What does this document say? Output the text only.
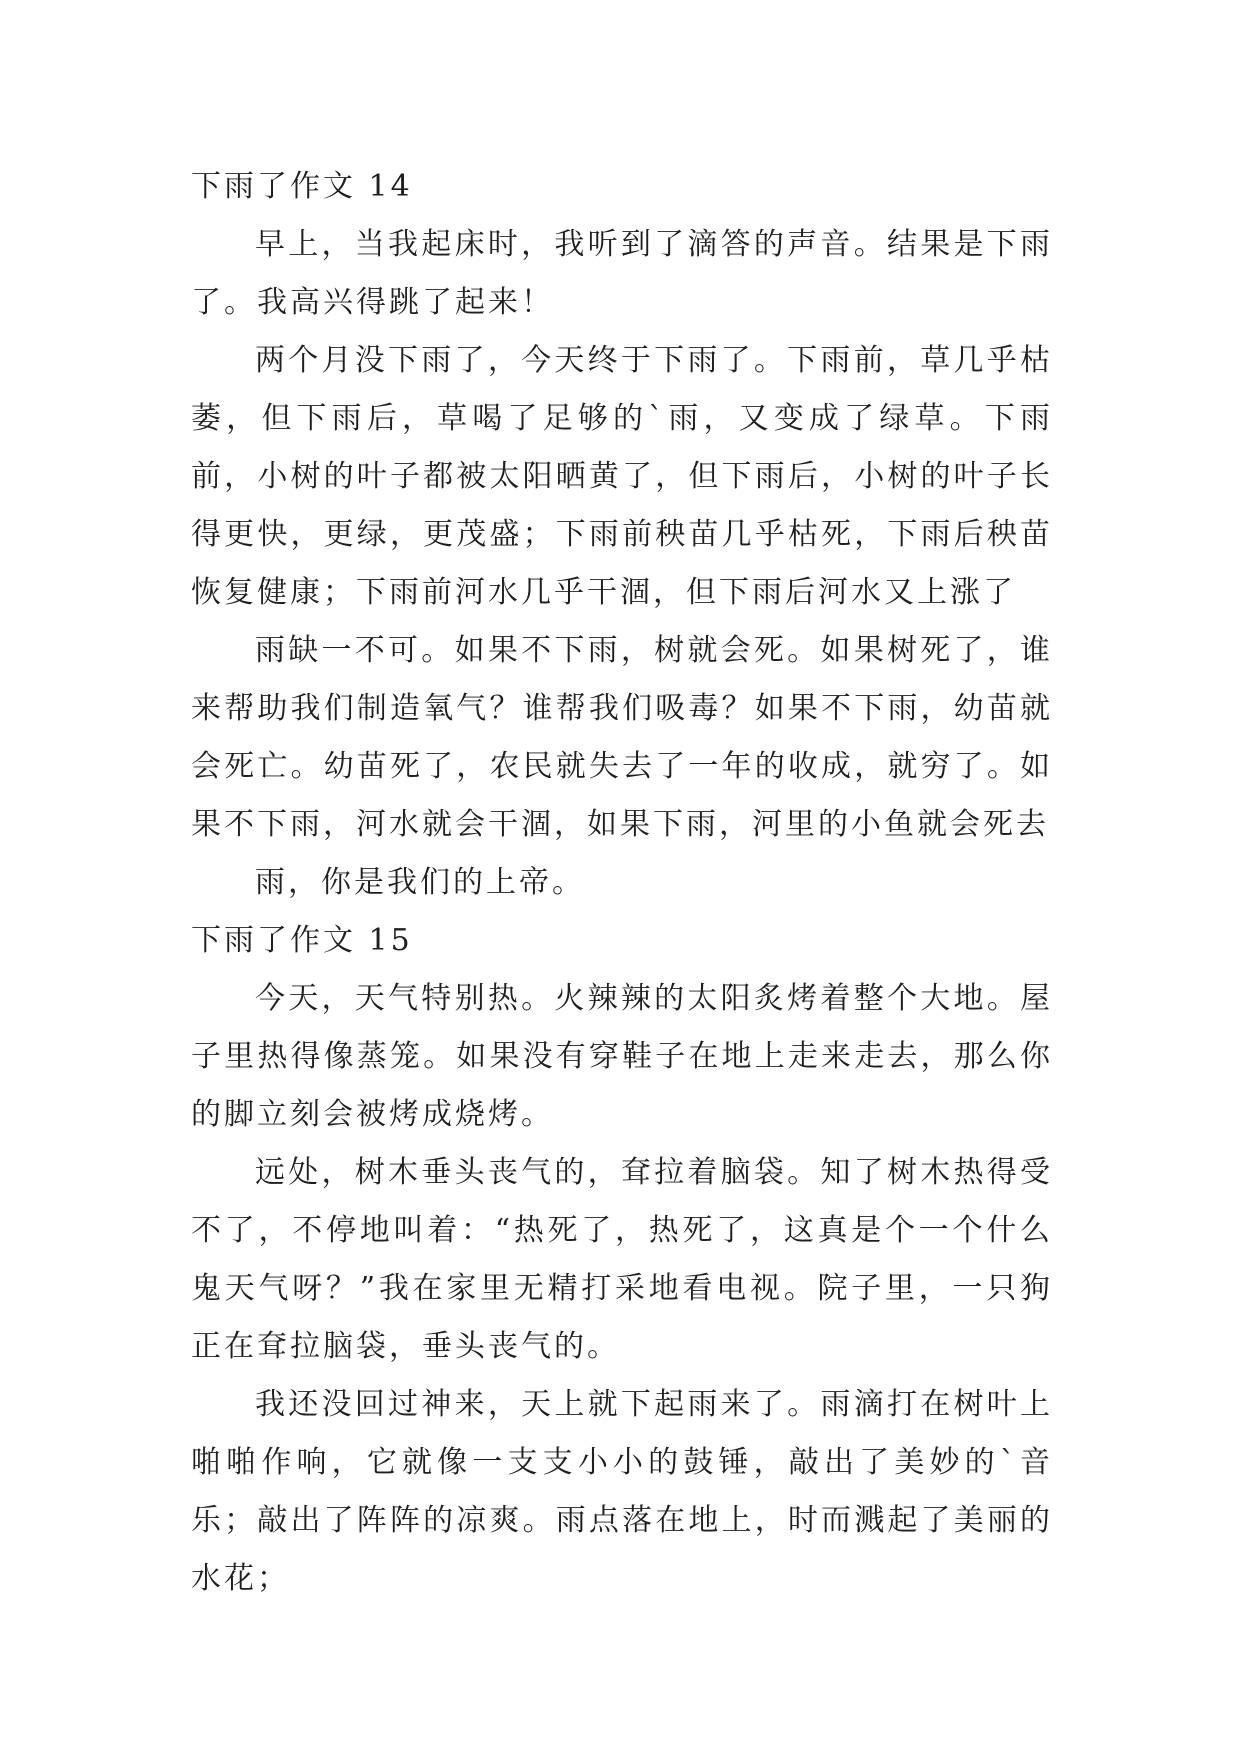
下雨了作文 14

早上，当我起床时，我听到了滴答的声音。结果是下雨了。我高兴得跳了起来！

两个月没下雨了，今天终于下雨了。下雨前，草几乎枯萎，但下雨后，草喝了足够的`雨，又变成了绿草。下雨前，小树的叶子都被太阳晒黄了，但下雨后，小树的叶子长得更快，更绿，更茂盛；下雨前秧苗几乎枯死，下雨后秧苗恢复健康；下雨前河水几乎干涸，但下雨后河水又上涨了

雨缺一不可。如果不下雨，树就会死。如果树死了，谁来帮助我们制造氧气？谁帮我们吸毒？如果不下雨，幼苗就会死亡。幼苗死了，农民就失去了一年的收成，就穷了。如果不下雨，河水就会干涸，如果下雨，河里的小鱼就会死去

雨，你是我们的上帝。

下雨了作文 15

今天，天气特别热。火辣辣的太阳炙烤着整个大地。屋子里热得像蒸笼。如果没有穿鞋子在地上走来走去，那么你的脚立刻会被烤成烧烤。

远处，树木垂头丧气的，耷拉着脑袋。知了树木热得受不了，不停地叫着：“热死了，热死了，这真是个一个什么鬼天气呀？”我在家里无精打采地看电视。院子里，一只狗正在耷拉脑袋，垂头丧气的。

我还没回过神来，天上就下起雨来了。雨滴打在树叶上啪啪作响，它就像一支支小小的鼓锤，敲出了美妙的`音乐；敲出了阵阵的凉爽。雨点落在地上，时而溅起了美丽的水花；
